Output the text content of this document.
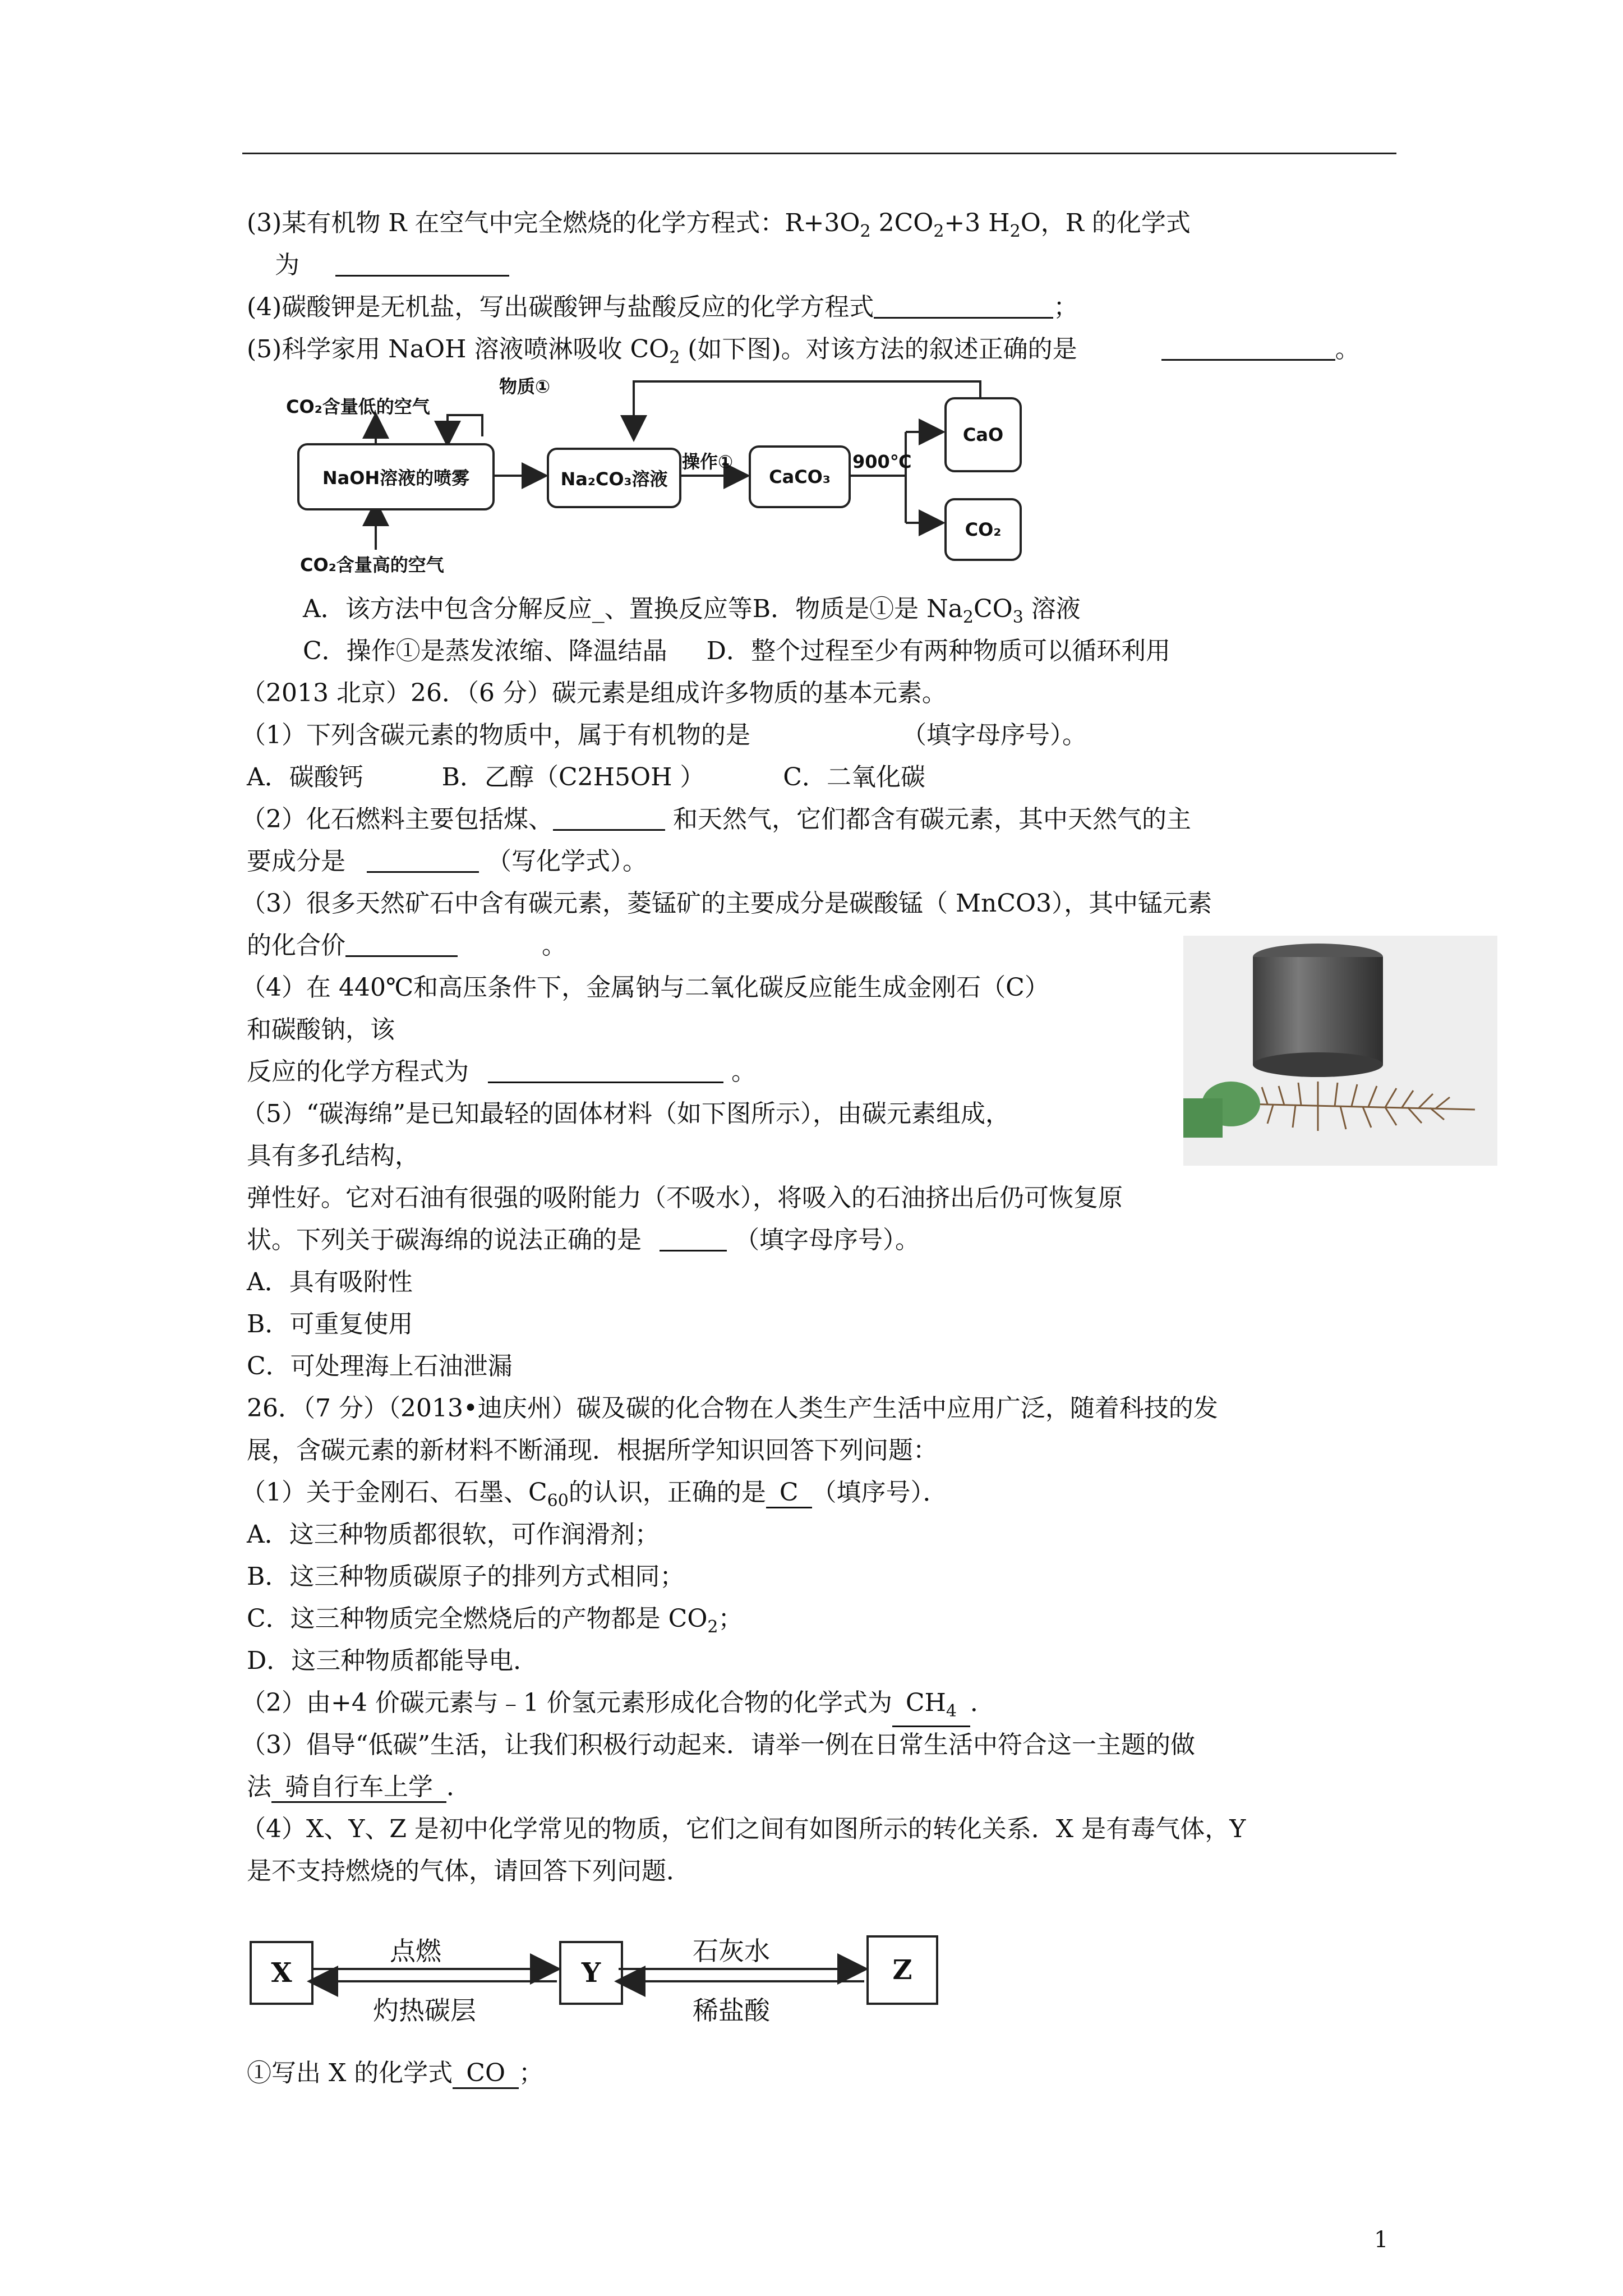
(3)某有机物 R 在空气中完全燃烧的化学方程式：$R+3O_2$ $2CO_2+3$ $H_2O$，R 的化学式
为
(4)碳酸钾是无机盐，写出碳酸钾与盐酸反应的化学方程式	；
(5)科学家用 NaOH 溶液喷淋吸收 $CO_2$ (如下图)。对该方法的叙述正确的是	。
CO₂含量低的空气
物质①
NaOH溶液的喷雾	Na₂CO₃溶液
操作①
CaCO₃
900℃
CaO
CO₂
CO₂含量高的空气
A．该方法中包含分解反应_、置换反应等B．物质是①是 $Na_2CO_3$ 溶液
C．操作①是蒸发浓缩、降温结晶 D．整个过程至少有两种物质可以循环利用
（2013 北京）26．（6 分）碳元素是组成许多物质的基本元素。
（1）下列含碳元素的物质中，属于有机物的是	（填字母序号）。
A．碳酸钙          B．乙醇（C2H5OH ）          C．二氧化碳
（2）化石燃料主要包括煤、	和天然气，它们都含有碳元素，其中天然气的主
要成分是	（写化学式）。
（3）很多天然矿石中含有碳元素，菱锰矿的主要成分是碳酸锰（ MnCO3），其中锰元素
的化合价	。
（4）在 440℃和高压条件下，金属钠与二氧化碳反应能生成金刚石（C）
和碳酸钠，该
反应的化学方程式为	。
（5）“碳海绵”是已知最轻的固体材料（如下图所示），由碳元素组成，
具有多孔结构，
弹性好。它对石油有很强的吸附能力（不吸水），将吸入的石油挤出后仍可恢复原
状。下列关于碳海绵的说法正确的是	（填字母序号）。
A．具有吸附性
B．可重复使用
C．可处理海上石油泄漏
26．（7 分）（2013•迪庆州）碳及碳的化合物在人类生产生活中应用广泛，随着科技的发
展，含碳元素的新材料不断涌现．根据所学知识回答下列问题：
（1）关于金刚石、石墨、$C_{60}$的认识，正确的是 C （填序号）．
A．这三种物质都很软，可作润滑剂；
B．这三种物质碳原子的排列方式相同；
C．这三种物质完全燃烧后的产物都是 $CO_2$；
D．这三种物质都能导电．
（2）由+4 价碳元素与﹣1 价氢元素形成化合物的化学式为 $CH_4$ ．
（3）倡导“低碳”生活，让我们积极行动起来．请举一例在日常生活中符合这一主题的做
法 骑自行车上学 ．
（4）X、Y、Z 是初中化学常见的物质，它们之间有如图所示的转化关系．X 是有毒气体，Y
是不支持燃烧的气体，请回答下列问题．
X	Y	Z
点燃
灼热碳层
石灰水
稀盐酸
①写出 X 的化学式 CO ；
1
